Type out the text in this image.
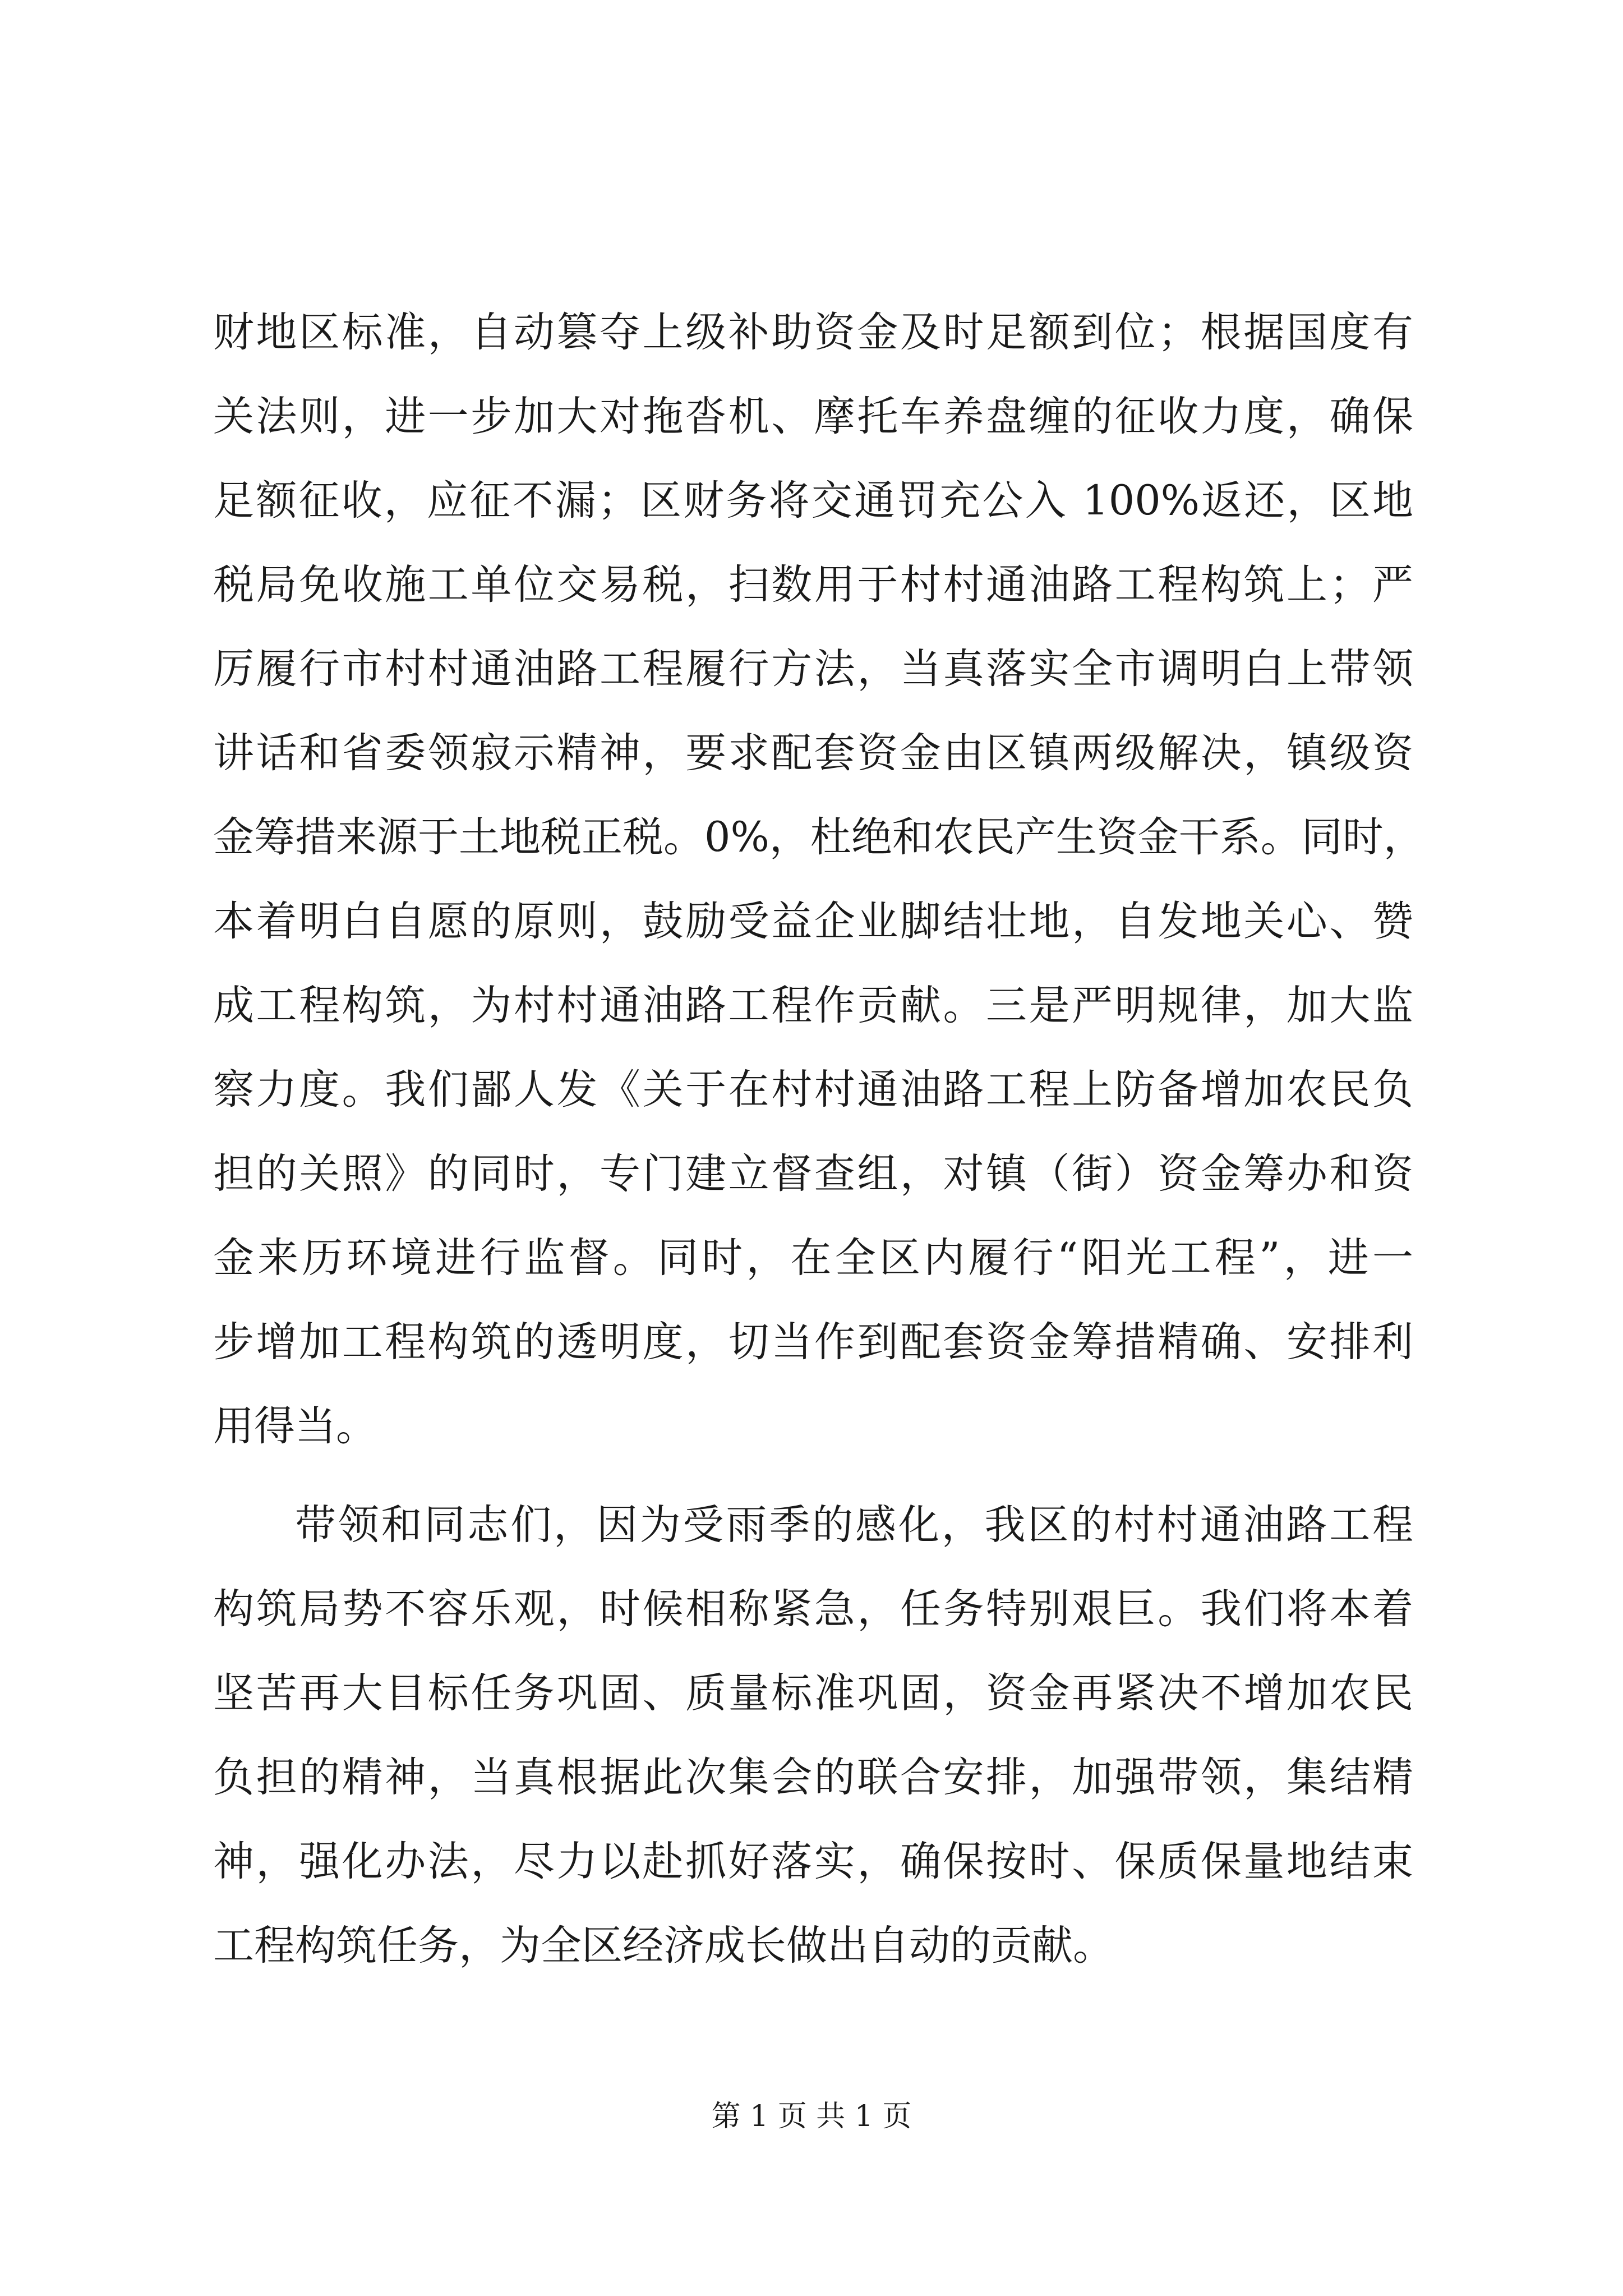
财地区标准，自动篡夺上级补助资金及时足额到位；根据国度有
关法则，进一步加大对拖沓机、摩托车养盘缠的征收力度，确保
足额征收，应征不漏；区财务将交通罚充公入 100%返还，区地
税局免收施工单位交易税，扫数用于村村通油路工程构筑上；严
厉履行市村村通油路工程履行方法，当真落实全市调明白上带领
讲话和省委领寂示精神，要求配套资金由区镇两级解决，镇级资
金筹措来源于土地税正税。0%，杜绝和农民产生资金干系。同时，
本着明白自愿的原则，鼓励受益企业脚结壮地，自发地关心、赞
成工程构筑，为村村通油路工程作贡献。三是严明规律，加大监
察力度。我们鄙人发《关于在村村通油路工程上防备增加农民负
担的关照》的同时，专门建立督查组，对镇（街）资金筹办和资
金来历环境进行监督。同时，在全区内履行“阳光工程”，进一
步增加工程构筑的透明度，切当作到配套资金筹措精确、安排利
用得当。
带领和同志们，因为受雨季的感化，我区的村村通油路工程
构筑局势不容乐观，时候相称紧急，任务特别艰巨。我们将本着
坚苦再大目标任务巩固、质量标准巩固，资金再紧决不增加农民
负担的精神，当真根据此次集会的联合安排，加强带领，集结精
神，强化办法，尽力以赴抓好落实，确保按时、保质保量地结束
工程构筑任务，为全区经济成长做出自动的贡献。
第 1 页 共 1 页
